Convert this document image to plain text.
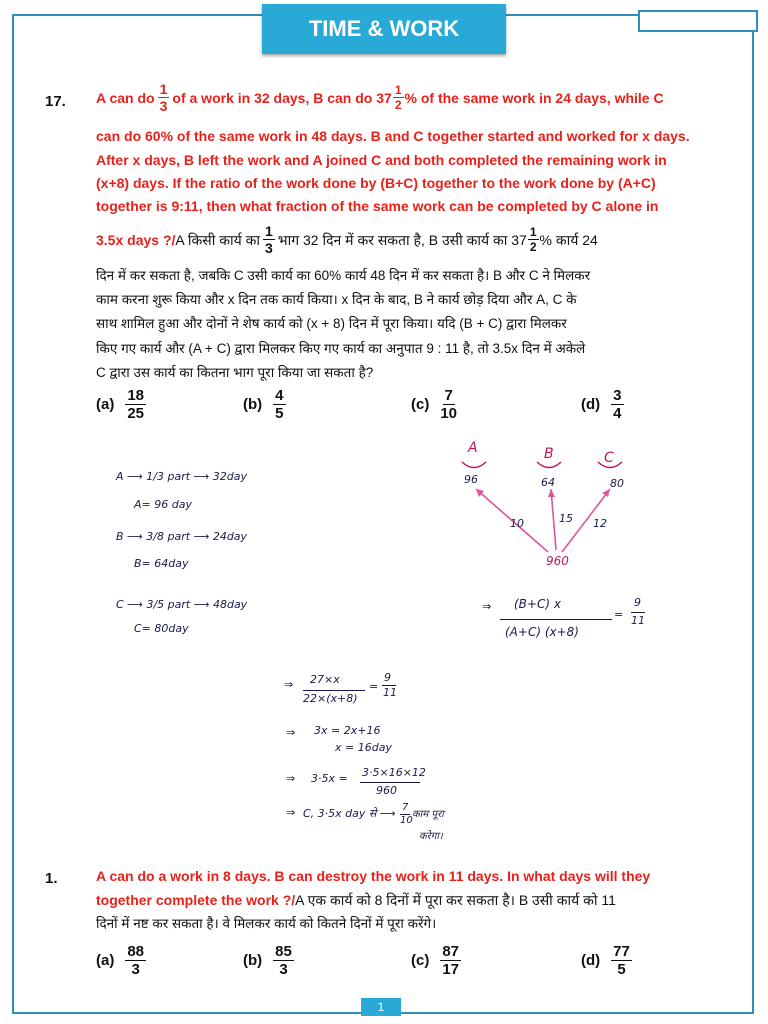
TIME & WORK
17. A can do $\frac{1}{3}$ of a work in 32 days, B can do $37 \frac{1}{2}$ % of the same work in 24 days, while C
can do 60% of the same work in 48 days. B and C together started and worked for x days.
After x days, B left the work and A joined C and both completed the remaining work in
(x+8) days. If the ratio of the work done by (B+C) together to the work done by (A+C)
together is 9:11, then what fraction of the same work can be completed by C alone in
3.5x days ?/ A किसी कार्य का $\frac{1}{3}$ भाग 32 दिन में कर सकता है, B उसी कार्य का $37 \frac{1}{2}$ % कार्य 24
दिन में कर सकता है, जबकि C उसी कार्य का 60% कार्य 48 दिन में कर सकता है। B और C ने मिलकर
काम करना शुरू किया और x दिन तक कार्य किया। x दिन के बाद, B ने कार्य छोड़ दिया और A, C के
साथ शामिल हुआ और दोनों ने शेष कार्य को (x + 8) दिन में पूरा किया। यदि (B + C) द्वारा मिलकर
किए गए कार्य और (A + C) द्वारा मिलकर किए गए कार्य का अनुपात 9 : 11 है, तो 3.5x दिन में अकेले
C द्वारा उस कार्य का कितना भाग पूरा किया जा सकता है?
$(a) \frac{18}{25}$	$(b) \frac{4}{5}$	$(c) \frac{7}{10}$	$(d) \frac{3}{4}$
A ⟶ 1/3 part ⟶ 32day
A= 96 day
B ⟶ 3/8 part ⟶ 24day
B= 64day
C ⟶ 3/5 part ⟶ 48day
C= 80day
A	B	C
96	64	80
10	15 12
960
⇒ (B+C) x
(A+C) (x+8)
=
9
11
⇒ 27×x
22×(x+8)
=
9
11
⇒ 3x = 2x+16
x = 16day
⇒ 3·5x = 3·5×16×12
960
⇒ C, 3·5x day से ⟶ 7
10
काम पूरा
करेगा।
1.	A can do a work in 8 days. B can destroy the work in 11 days. In what days will they
together complete the work ?/A एक कार्य को 8 दिनों में पूरा कर सकता है। B उसी कार्य को 11
दिनों में नष्ट कर सकता है। वे मिलकर कार्य को कितने दिनों में पूरा करेंगे।
$(a) \frac{88}{3}$	$(b) \frac{85}{3}$	$(c) \frac{87}{17}$	$(d) \frac{77}{5}$
1
